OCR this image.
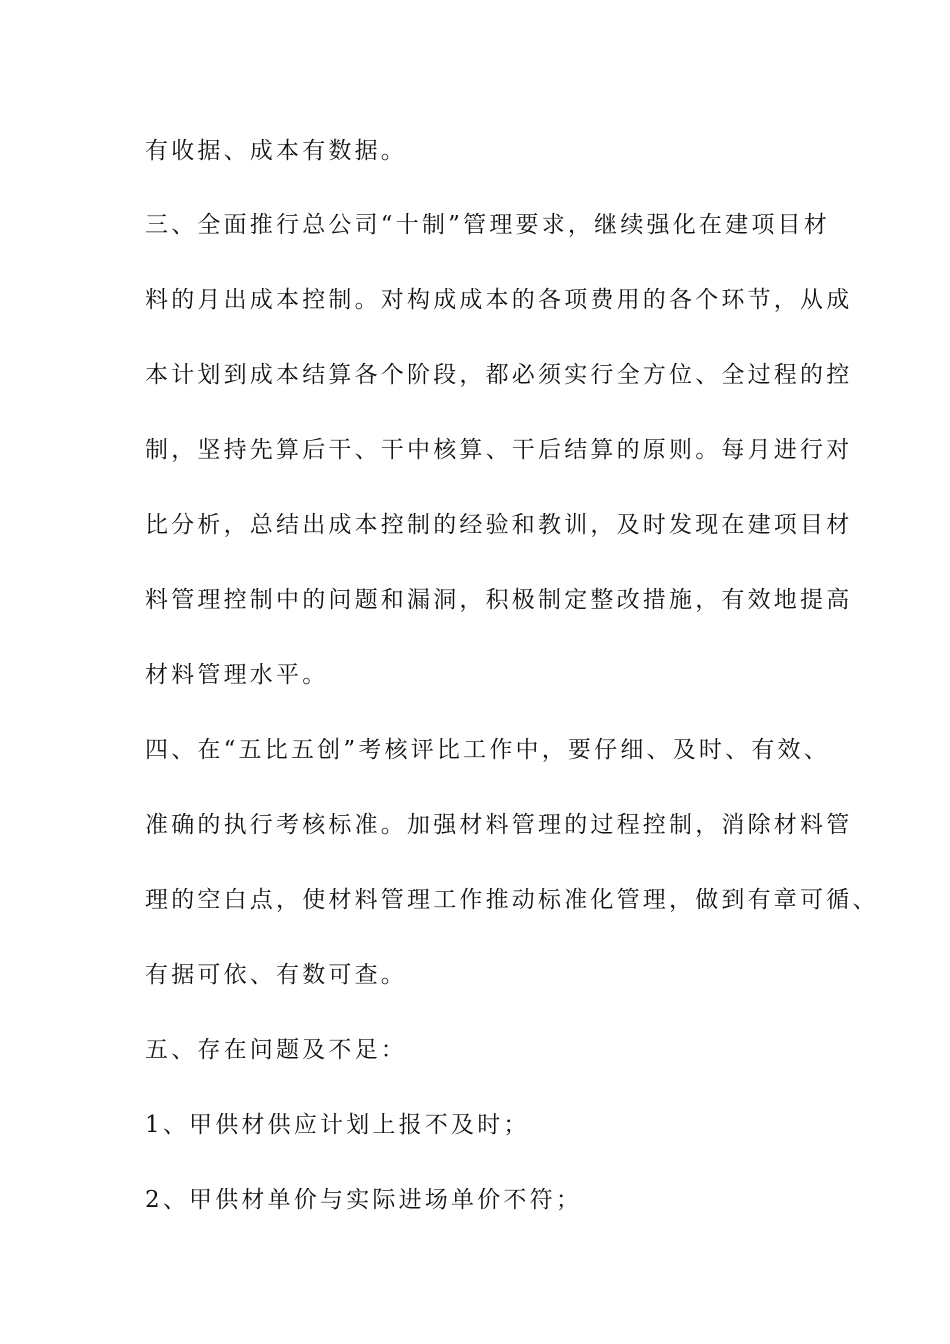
有收据、成本有数据。
三、全面推行总公司“十制”管理要求，继续强化在建项目材
料的月出成本控制。对构成成本的各项费用的各个环节，从成
本计划到成本结算各个阶段，都必须实行全方位、全过程的控
制，坚持先算后干、干中核算、干后结算的原则。每月进行对
比分析，总结出成本控制的经验和教训，及时发现在建项目材
料管理控制中的问题和漏洞，积极制定整改措施，有效地提高
材料管理水平。
四、在“五比五创”考核评比工作中，要仔细、及时、有效、
准确的执行考核标准。加强材料管理的过程控制，消除材料管
理的空白点，使材料管理工作推动标准化管理，做到有章可循、
有据可依、有数可查。
五、存在问题及不足：
1、甲供材供应计划上报不及时；
2、甲供材单价与实际进场单价不符；
